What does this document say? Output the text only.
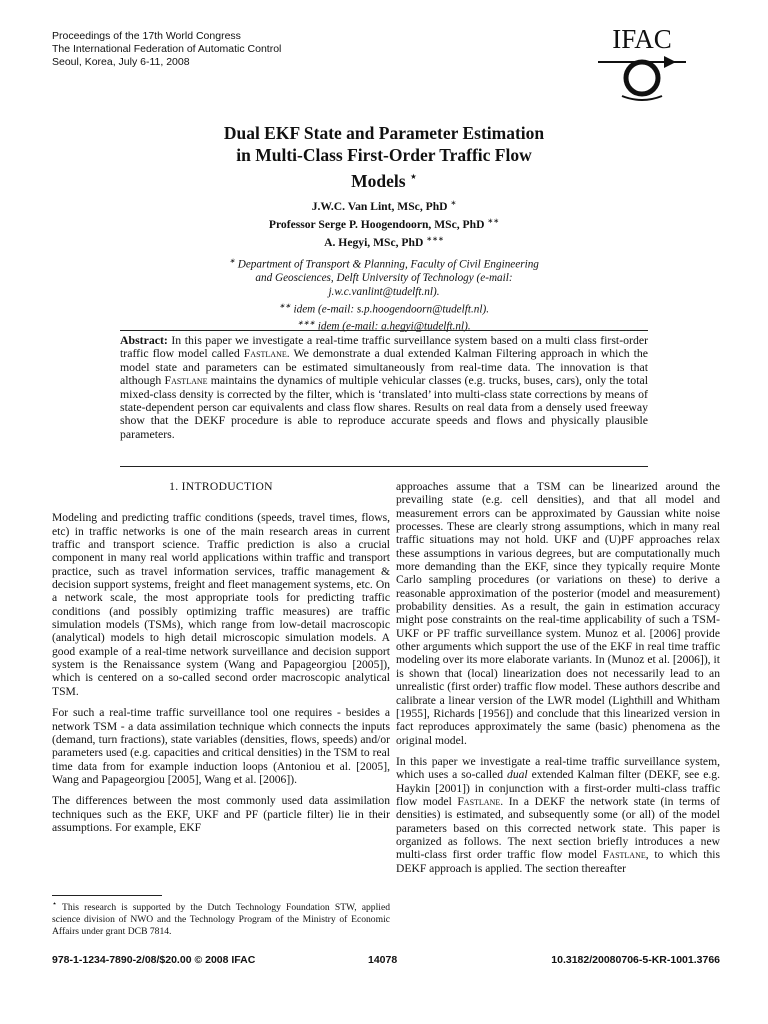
Proceedings of the 17th World Congress
The International Federation of Automatic Control
Seoul, Korea, July 6-11, 2008
IFAC
Dual EKF State and Parameter Estimation
in Multi-Class First-Order Traffic Flow
Models ⋆
J.W.C. Van Lint, MSc, PhD ∗
Professor Serge P. Hoogendoorn, MSc, PhD ∗∗
A. Hegyi, MSc, PhD ∗∗∗
∗ Department of Transport & Planning, Faculty of Civil Engineering
and Geosciences, Delft University of Technology (e-mail:
j.w.c.vanlint@tudelft.nl).
∗∗ idem (e-mail: s.p.hoogendoorn@tudelft.nl).
∗∗∗ idem (e-mail: a.hegyi@tudelft.nl).
Abstract: In this paper we investigate a real-time traffic surveillance system based on a multi class first-order traffic flow model called Fastlane. We demonstrate a dual extended Kalman Filtering approach in which the model state and parameters can be estimated simultaneously from real-time data. The innovation is that although Fastlane maintains the dynamics of multiple vehicular classes (e.g. trucks, buses, cars), only the total mixed-class density is corrected by the filter, which is ‘translated’ into multi-class state corrections by means of state-dependent person car equivalents and class flow shares. Results on real data from a densely used freeway show that the DEKF procedure is able to reproduce accurate speeds and flows and physically plausible parameters.
1. INTRODUCTION

Modeling and predicting traffic conditions (speeds, travel times, flows, etc) in traffic networks is one of the main research areas in current traffic and transport science. Traffic prediction is also a crucial component in many real world applications within traffic and transport practice, such as travel information services, traffic management & decision support systems, freight and fleet management systems, etc. On a network scale, the most appropriate tools for predicting traffic conditions (and possibly optimizing traffic measures) are traffic simulation models (TSMs), which range from low-detail macroscopic (analytical) models to high detail microscopic simulation models. A good example of a real-time network surveillance and decision support system is the Renaissance system (Wang and Papageorgiou [2005]), which is centered on a so-called second order macroscopic analytical TSM.

For such a real-time traffic surveillance tool one requires - besides a network TSM - a data assimilation technique which connects the inputs (demand, turn fractions), state variables (densities, flows, speeds) and/or parameters used (e.g. capacities and critical densities) in the TSM to real time data from for example induction loops (Antoniou et al. [2005], Wang and Papageorgiou [2005], Wang et al. [2006]).

The differences between the most commonly used data assimilation techniques such as the EKF, UKF and PF (particle filter) lie in their assumptions. For example, EKF

approaches assume that a TSM can be linearized around the prevailing state (e.g. cell densities), and that all model and measurement errors can be approximated by Gaussian white noise processes. These are clearly strong assumptions, which in many real traffic situations may not hold. UKF and (U)PF approaches relax these assumptions in various degrees, but are computationally much more demanding than the EKF, since they typically require Monte Carlo sampling procedures (or variations on these) to derive a reasonable approximation of the posterior (model and measurement) probability densities. As a result, the gain in estimation accuracy might pose constraints on the real-time applicability of such a TSM-UKF or PF traffic surveillance system. Munoz et al. [2006] provide other arguments which support the use of the EKF in real time traffic modeling over its more elaborate variants. In (Munoz et al. [2006]), it is shown that (local) linearization does not necessarily lead to an unrealistic (first order) traffic flow model. These authors describe and calibrate a linear version of the LWR model (Lighthill and Whitham [1955], Richards [1956]) and conclude that this linearized version in fact reproduces approximately the same (basic) phenomena as the original model.

In this paper we investigate a real-time traffic surveillance system, which uses a so-called dual extended Kalman filter (DEKF, see e.g. Haykin [2001]) in conjunction with a first-order multi-class traffic flow model Fastlane. In a DEKF the network state (in terms of densities) is estimated, and subsequently some (or all) of the model parameters based on this corrected network state. This paper is organized as follows. The next section briefly introduces a new multi-class first order traffic flow model Fastlane, to which this DEKF approach is applied. The section thereafter

⋆ This research is supported by the Dutch Technology Foundation STW, applied science division of NWO and the Technology Program of the Ministry of Economic Affairs under grant DCB 7814.
978-1-1234-7890-2/08/$20.00 © 2008 IFAC	14078	10.3182/20080706-5-KR-1001.3766
